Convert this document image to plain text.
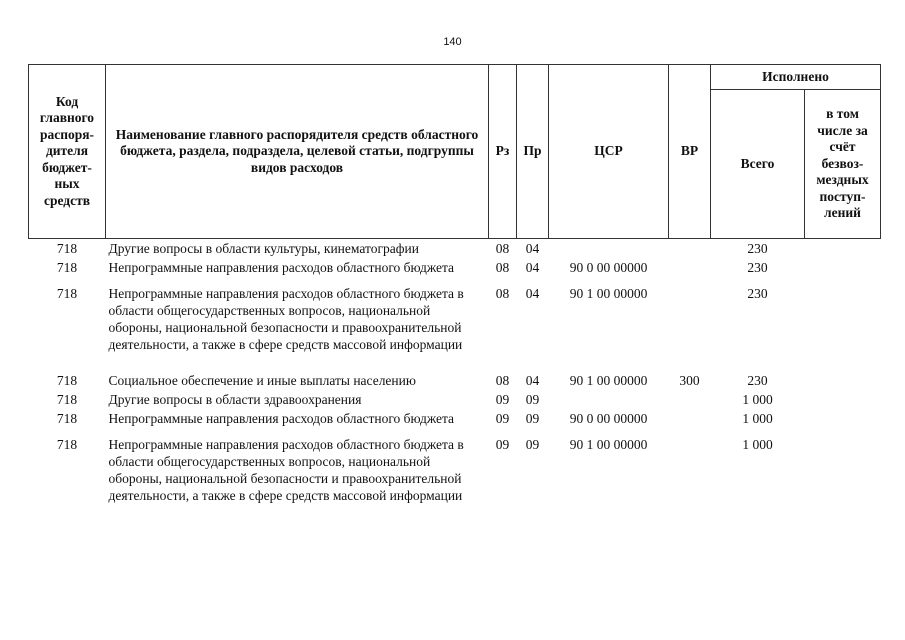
140
Код главного распоря-дителя бюджет-ных средств	Наименование главного распорядителя средств областного бюджета, раздела, подраздела, целевой статьи, подгруппы видов расходов	Рз	Пр	ЦСР	ВР	Исполнено	
						Всего	в том числе за счёт безвоз-мездных поступ-лений
718	Другие вопросы в области культуры, кинематографии	08	04			230	
718	Непрограммные направления расходов областного бюджета	08	04	90 0 00 00000		230	
718	Непрограммные направления расходов областного бюджета в области общегосударственных вопросов, национальной обороны, национальной безопасности и правоохранительной деятельности, а также в сфере средств массовой информации	08	04	90 1 00 00000		230	
718	Социальное обеспечение и иные выплаты населению	08	04	90 1 00 00000	300	230	
718	Другие вопросы в области здравоохранения	09	09			1 000	
718	Непрограммные направления расходов областного бюджета	09	09	90 0 00 00000		1 000	
718	Непрограммные направления расходов областного бюджета в области общегосударственных вопросов, национальной обороны, национальной безопасности и правоохранительной деятельности, а также в сфере средств массовой информации	09	09	90 1 00 00000		1 000	
